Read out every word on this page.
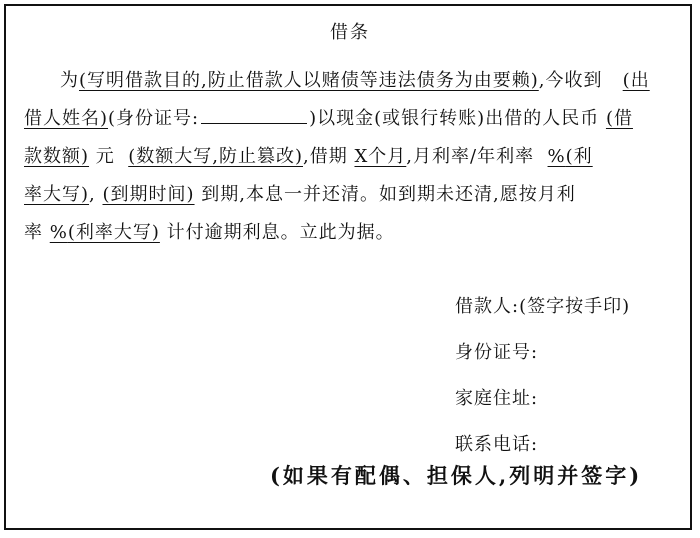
借条
为(写明借款目的,防止借款人以赌债等违法债务为由要赖),今收到 (出
借人姓名)(身份证号:	)以现金(或银行转账)出借的人民币 (借
款数额) 元 (数额大写,防止篡改),借期 X个月,月利率/年利率 %(利
率大写), (到期时间) 到期,本息一并还清。如到期未还清,愿按月利
率 %(利率大写) 计付逾期利息。立此为据。
借款人:(签字按手印)
身份证号:
家庭住址:
联系电话:
(如果有配偶、担保人,列明并签字)
